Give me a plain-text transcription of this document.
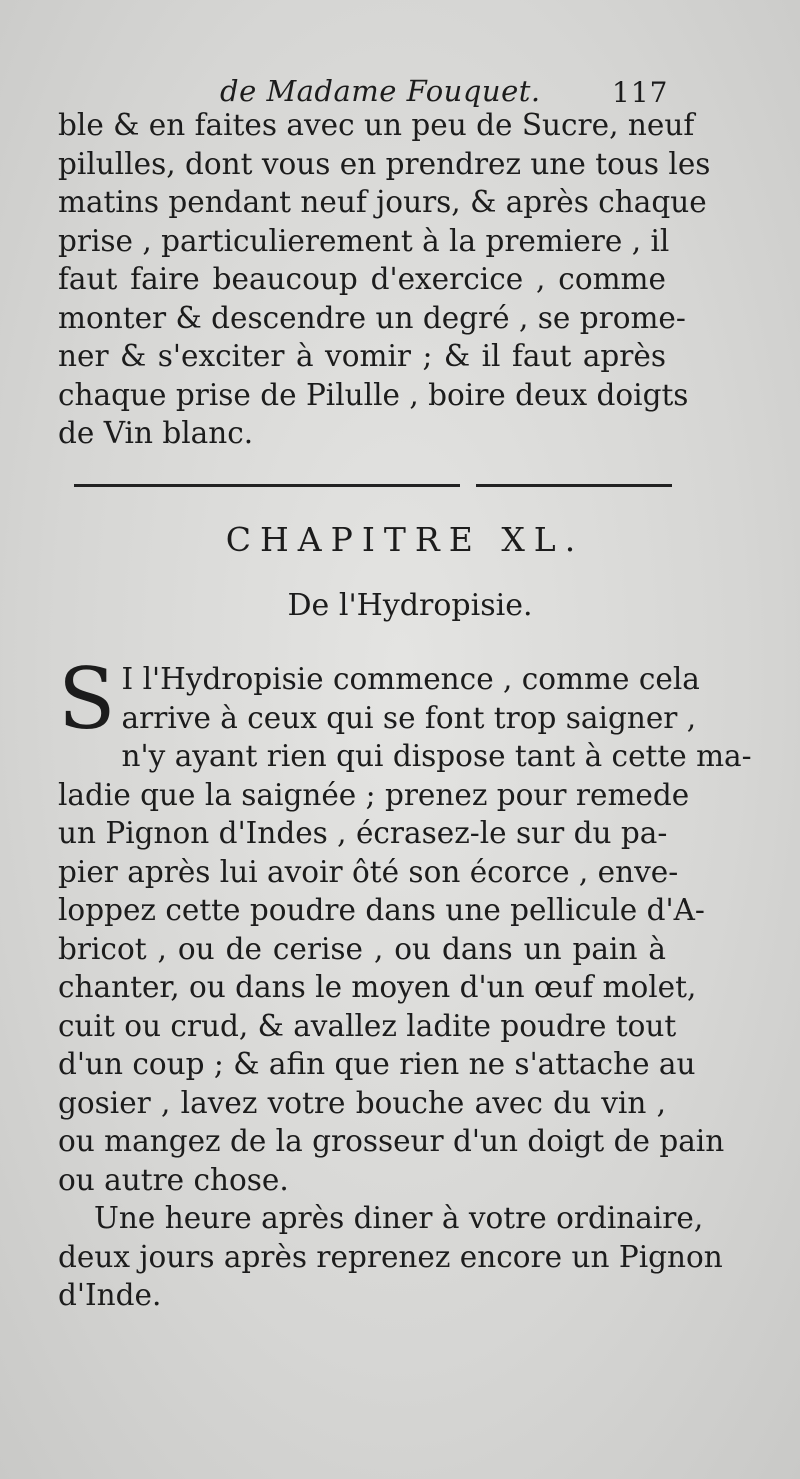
de Madame Fouquet.	117
ble & en faites avec un peu de Sucre, neuf
pilulles, dont vous en prendrez une tous les
matins pendant neuf jours, & après chaque
prise , particulierement à la premiere , il
faut faire beaucoup d'exercice , comme
monter & descendre un degré , se prome-
ner & s'exciter à vomir ; & il faut après
chaque prise de Pilulle , boire deux doigts
de Vin blanc.
CHAPITRE XL.
De l'Hydropisie.
S I l'Hydropisie commence , comme cela
arrive à ceux qui se font trop saigner ,
n'y ayant rien qui dispose tant à cette ma-
ladie que la saignée ; prenez pour remede
un Pignon d'Indes , écrasez-le sur du pa-
pier après lui avoir ôté son écorce , enve-
loppez cette poudre dans une pellicule d'A-
bricot , ou de cerise , ou dans un pain à
chanter, ou dans le moyen d'un œuf molet,
cuit ou crud, & avallez ladite poudre tout
d'un coup ; & afin que rien ne s'attache au
gosier , lavez votre bouche avec du vin ,
ou mangez de la grosseur d'un doigt de pain
ou autre chose.
Une heure après diner à votre ordinaire,
deux jours après reprenez encore un Pignon
d'Inde.
